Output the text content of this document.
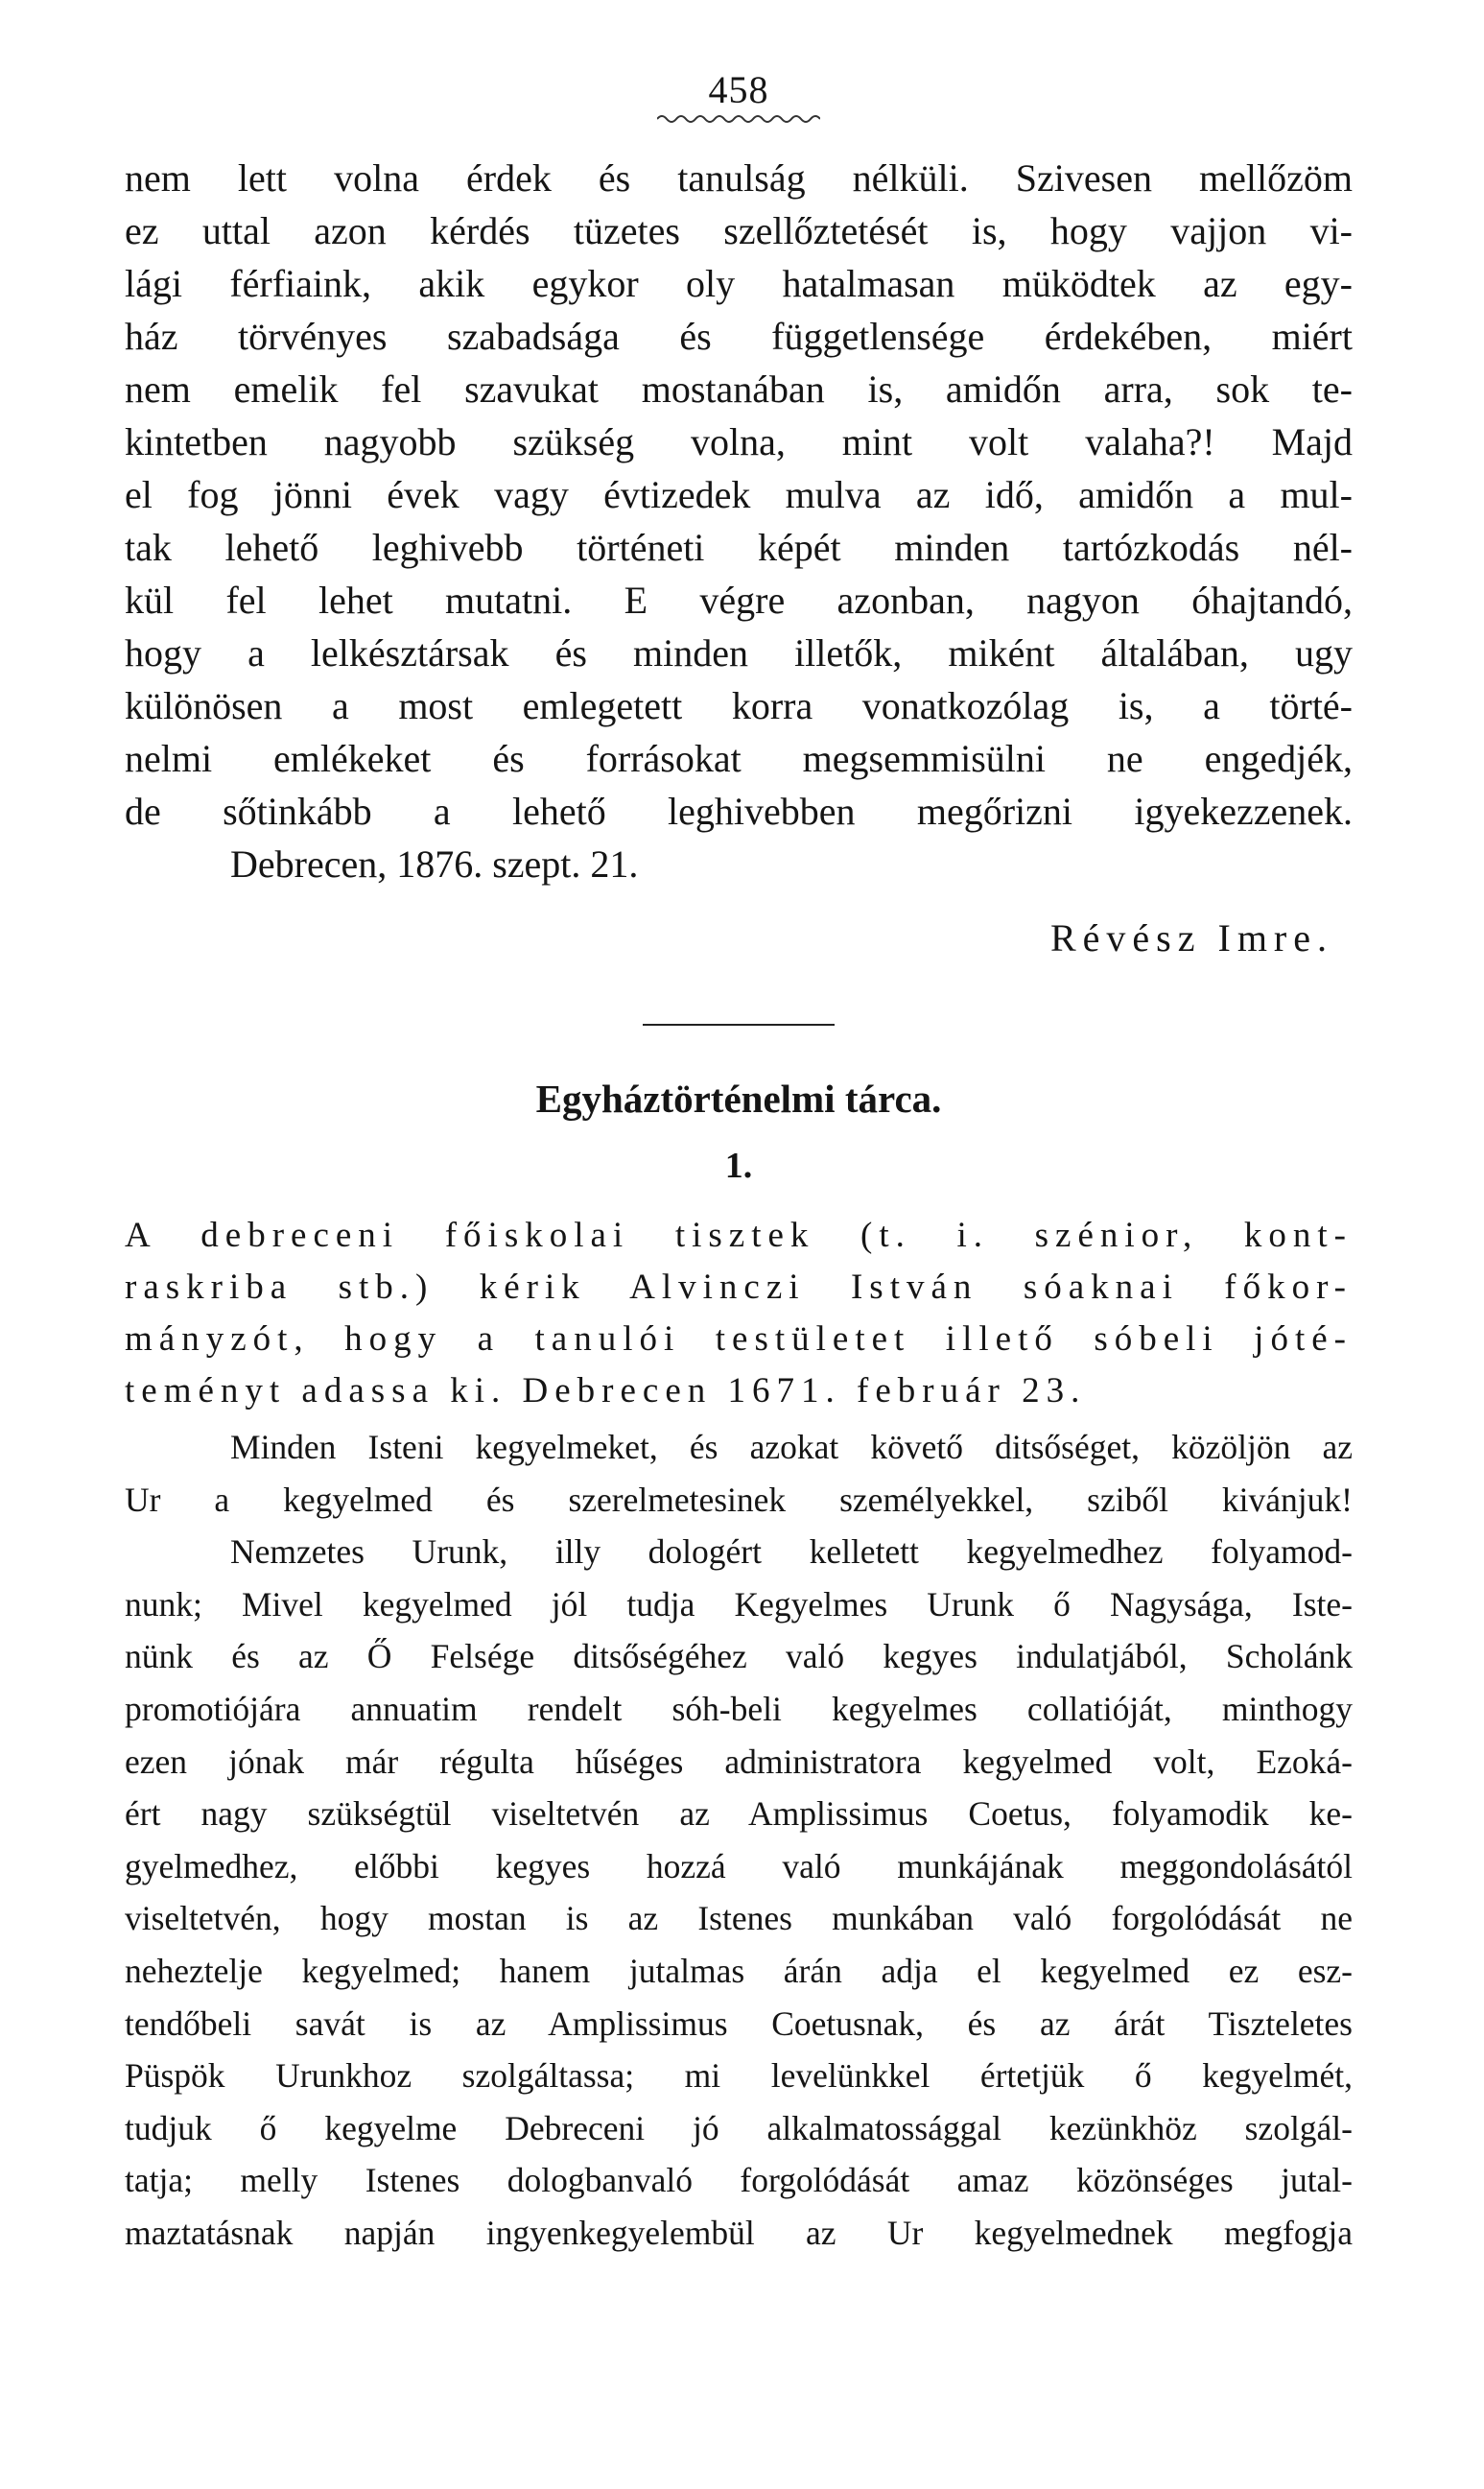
458
nem lett volna érdek és tanulság nélküli. Szivesen mellőzöm
ez uttal azon kérdés tüzetes szellőztetését is, hogy vajjon vi-
lági férfiaink, akik egykor oly hatalmasan müködtek az egy-
ház törvényes szabadsága és függetlensége érdekében, miért
nem emelik fel szavukat mostanában is, amidőn arra, sok te-
kintetben nagyobb szükség volna, mint volt valaha?! Majd
el fog jönni évek vagy évtizedek mulva az idő, amidőn a mul-
tak lehető leghivebb történeti képét minden tartózkodás nél-
kül fel lehet mutatni. E végre azonban, nagyon óhajtandó,
hogy a lelkésztársak és minden illetők, miként általában, ugy
különösen a most emlegetett korra vonatkozólag is, a törté-
nelmi emlékeket és forrásokat megsemmisülni ne engedjék,
de sőtinkább a lehető leghivebben megőrizni igyekezzenek.
Debrecen, 1876. szept. 21.
Révész Imre.
Egyháztörténelmi tárca.
1.
A debreceni főiskolai tisztek (t. i. szénior, kont-
raskriba stb.) kérik Alvinczi István sóaknai főkor-
mányzót, hogy a tanulói testületet illető sóbeli jóté-
teményt adassa ki. Debrecen 1671. február 23.
Minden Isteni kegyelmeket, és azokat követő ditsőséget, közöljön az
Ur a kegyelmed és szerelmetesinek személyekkel, sziből kivánjuk!
Nemzetes Urunk, illy dologért kelletett kegyelmedhez folyamod-
nunk; Mivel kegyelmed jól tudja Kegyelmes Urunk ő Nagysága, Iste-
nünk és az Ő Felsége ditsőségéhez való kegyes indulatjából, Scholánk
promotiójára annuatim rendelt sóh-beli kegyelmes collatióját, minthogy
ezen jónak már régulta hűséges administratora kegyelmed volt, Ezoká-
ért nagy szükségtül viseltetvén az Amplissimus Coetus, folyamodik ke-
gyelmedhez, előbbi kegyes hozzá való munkájának meggondolásától
viseltetvén, hogy mostan is az Istenes munkában való forgolódását ne
neheztelje kegyelmed; hanem jutalmas árán adja el kegyelmed ez esz-
tendőbeli savát is az Amplissimus Coetusnak, és az árát Tiszteletes
Püspök Urunkhoz szolgáltassa; mi levelünkkel értetjük ő kegyelmét,
tudjuk ő kegyelme Debreceni jó alkalmatossággal kezünkhöz szolgál-
tatja; melly Istenes dologbanvaló forgolódását amaz közönséges jutal-
maztatásnak napján ingyenkegyelembül az Ur kegyelmednek megfogja
